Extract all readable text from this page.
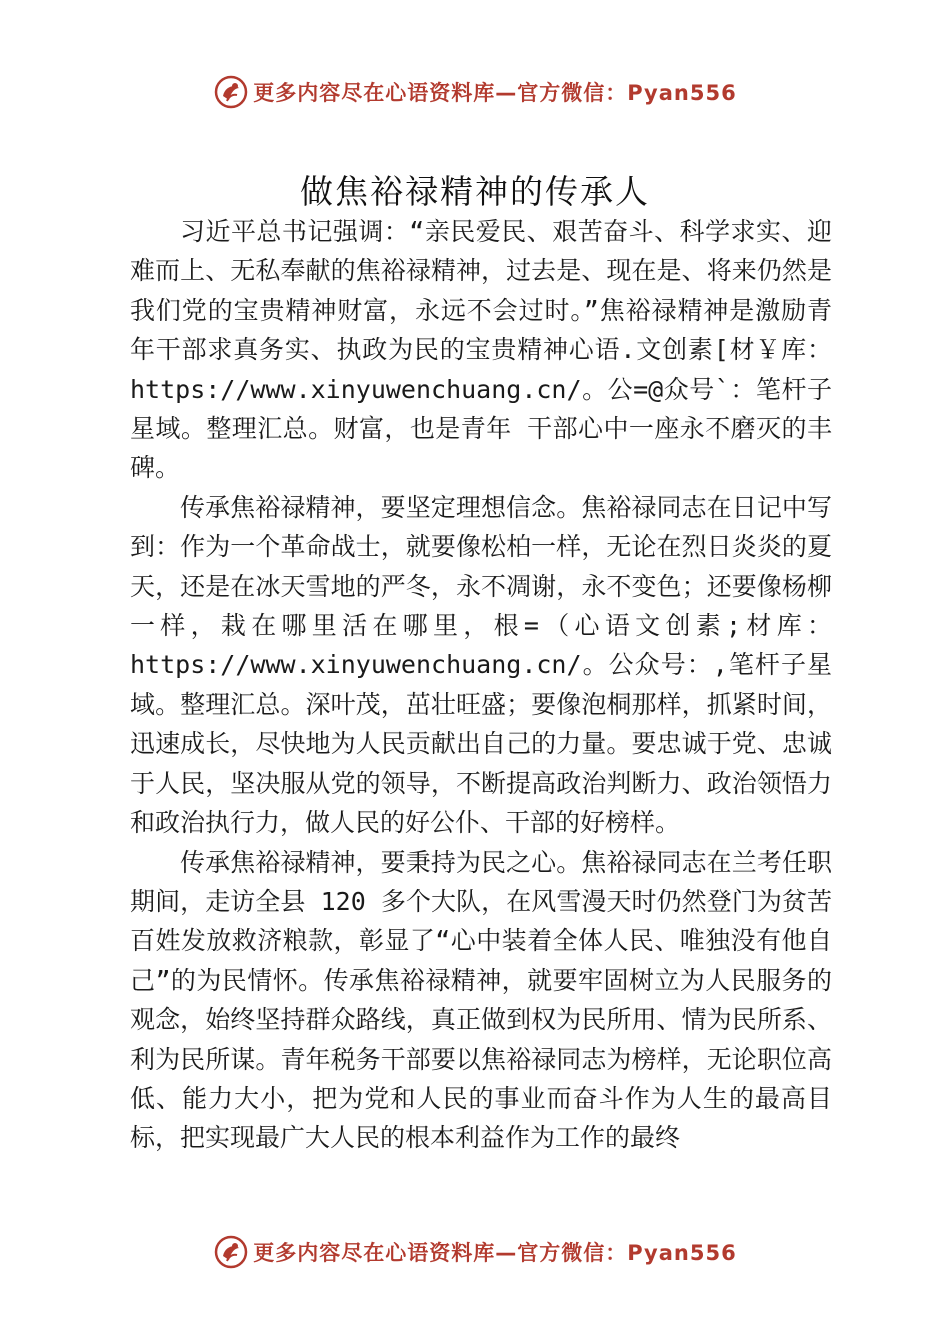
更多内容尽在心语资料库—官方微信：Pyan556
做焦裕禄精神的传承人

习近平总书记强调：“亲民爱民、艰苦奋斗、科学求实、迎难而上、无私奉献的焦裕禄精神，过去是、现在是、将来仍然是我们党的宝贵精神财富，永远不会过时。”焦裕禄精神是激励青年干部求真务实、执政为民的宝贵精神心语.文创素[材￥库：https://www.xinyuwenchuang.cn/。公=@众号`：笔杆子星域。整理汇总。财富，也是青年 干部心中一座永不磨灭的丰碑。

传承焦裕禄精神，要坚定理想信念。焦裕禄同志在日记中写到：作为一个革命战士，就要像松柏一样，无论在烈日炎炎的夏天，还是在冰天雪地的严冬，永不凋谢，永不变色；还要像杨柳一样，栽在哪里活在哪里，根=（心语文创素;材库：https://www.xinyuwenchuang.cn/。公众号：,笔杆子星域。整理汇总。深叶茂，茁壮旺盛；要像泡桐那样，抓紧时间，迅速成长，尽快地为人民贡献出自己的力量。要忠诚于党、忠诚于人民，坚决服从党的领导，不断提高政治判断力、政治领悟力和政治执行力，做人民的好公仆、干部的好榜样。

传承焦裕禄精神，要秉持为民之心。焦裕禄同志在兰考任职期间，走访全县 120 多个大队，在风雪漫天时仍然登门为贫苦百姓发放救济粮款，彰显了“心中装着全体人民、唯独没有他自己”的为民情怀。传承焦裕禄精神，就要牢固树立为人民服务的观念，始终坚持群众路线，真正做到权为民所用、情为民所系、利为民所谋。青年税务干部要以焦裕禄同志为榜样，无论职位高低、能力大小，把为党和人民的事业而奋斗作为人生的最高目标，把实现最广大人民的根本利益作为工作的最终

更多内容尽在心语资料库—官方微信：Pyan556
